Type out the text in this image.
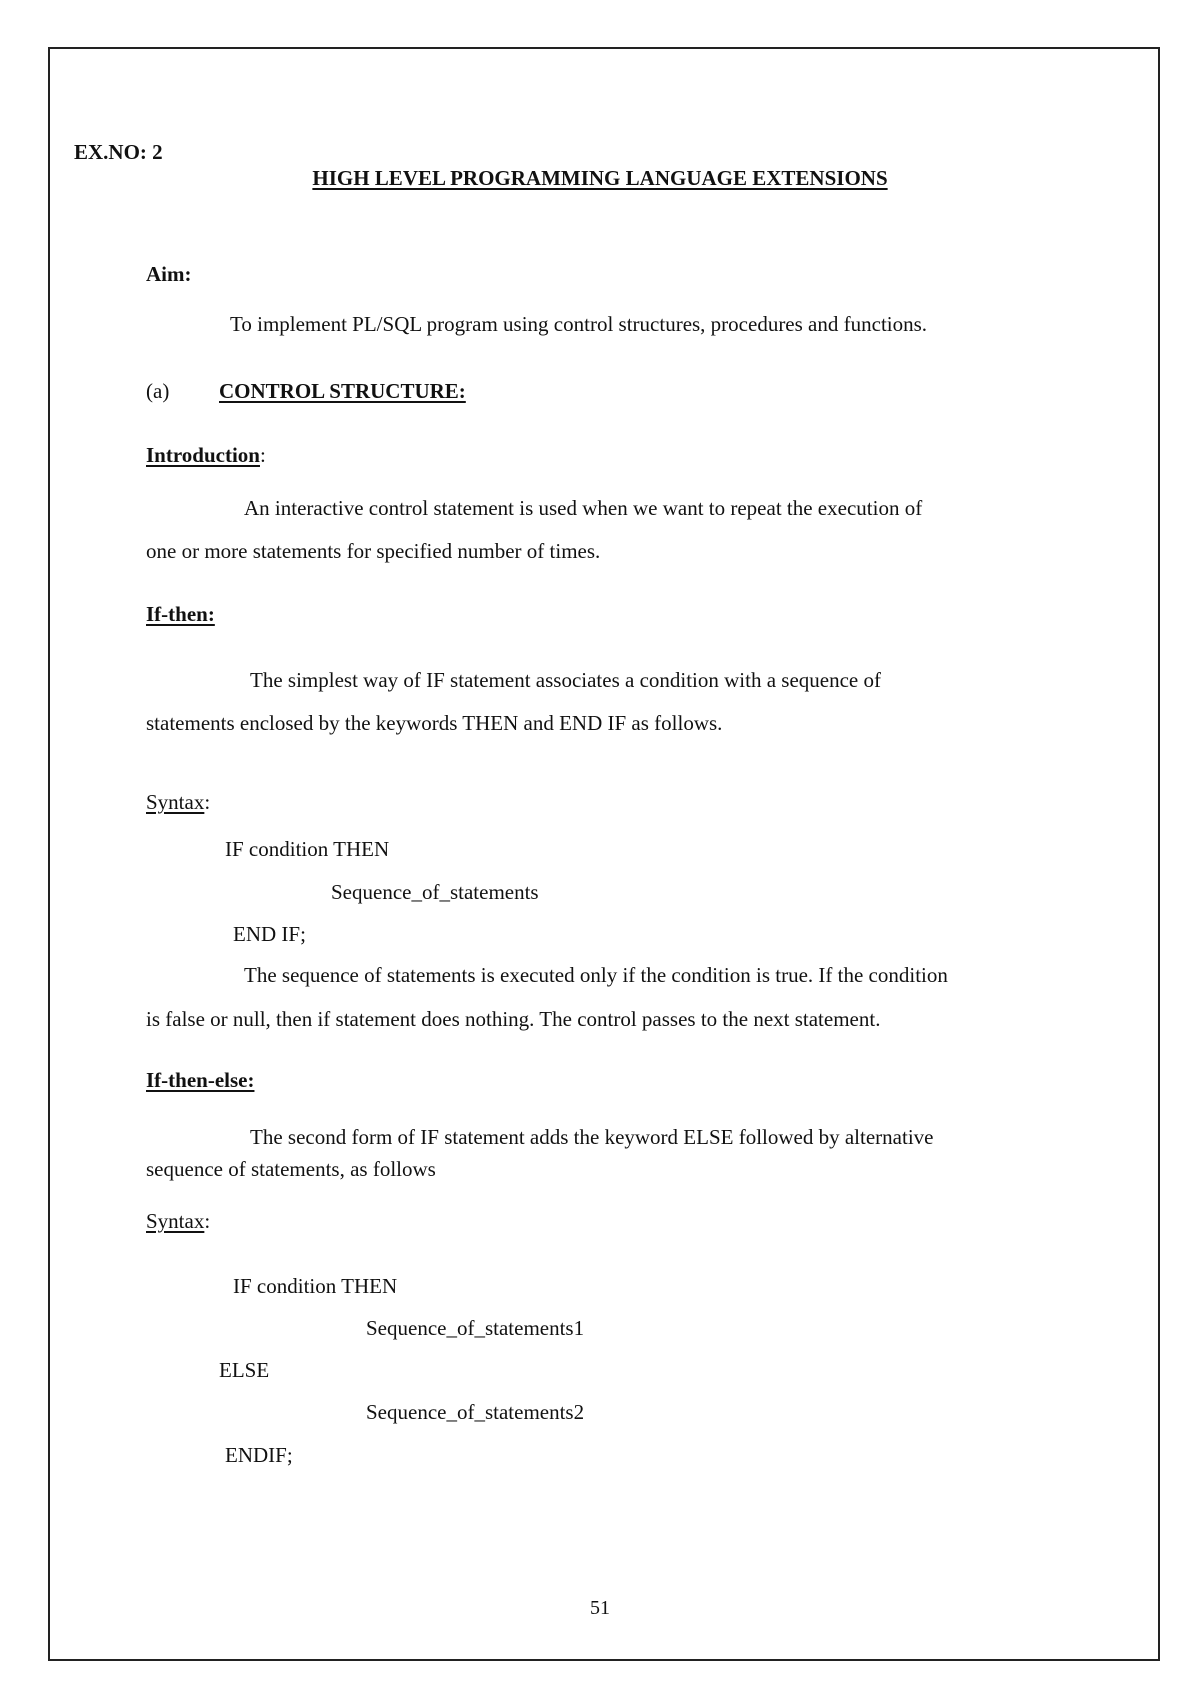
EX.NO: 2
HIGH LEVEL PROGRAMMING LANGUAGE EXTENSIONS
Aim:
To implement PL/SQL program using control structures, procedures and functions.
(a) CONTROL STRUCTURE:
Introduction:
An interactive control statement is used when we want to repeat the execution of
one or more statements for specified number of times.
If-then:
The simplest way of IF statement associates a condition with a sequence of
statements enclosed by the keywords THEN and END IF as follows.
Syntax:
IF condition THEN
Sequence_of_statements
END IF;
The sequence of statements is executed only if the condition is true. If the condition
is false or null, then if statement does nothing. The control passes to the next statement.
If-then-else:
The second form of IF statement adds the keyword ELSE followed by alternative
sequence of statements, as follows
Syntax:
IF condition THEN
Sequence_of_statements1
ELSE
Sequence_of_statements2
ENDIF;
51
